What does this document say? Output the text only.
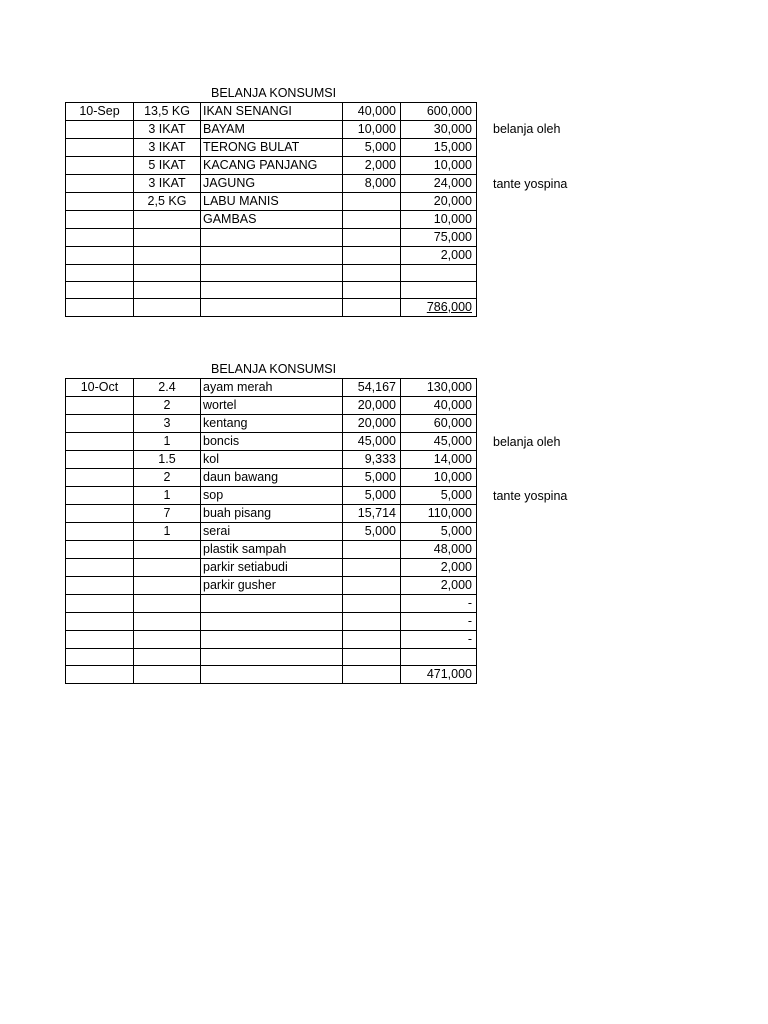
BELANJA KONSUMSI
10-Sep	13,5 KG	IKAN SENANGI	40,000	600,000
	3 IKAT	BAYAM	10,000	30,000
	3 IKAT	TERONG BULAT	5,000	15,000
	5 IKAT	KACANG PANJANG	2,000	10,000
	3 IKAT	JAGUNG	8,000	24,000
	2,5 KG	LABU MANIS		20,000
		GAMBAS		10,000
				75,000
				2,000

				786,000
belanja oleh
tante yospina
BELANJA KONSUMSI
10-Oct	2.4	ayam merah	54,167	130,000
	2	wortel	20,000	40,000
	3	kentang	20,000	60,000
	1	boncis	45,000	45,000
	1.5	kol	9,333	14,000
	2	daun bawang	5,000	10,000
	1	sop	5,000	5,000
	7	buah pisang	15,714	110,000
	1	serai	5,000	5,000
		plastik sampah		48,000
		parkir setiabudi		2,000
		parkir gusher		2,000
				-
				-
				-

				471,000
belanja oleh
tante yospina
